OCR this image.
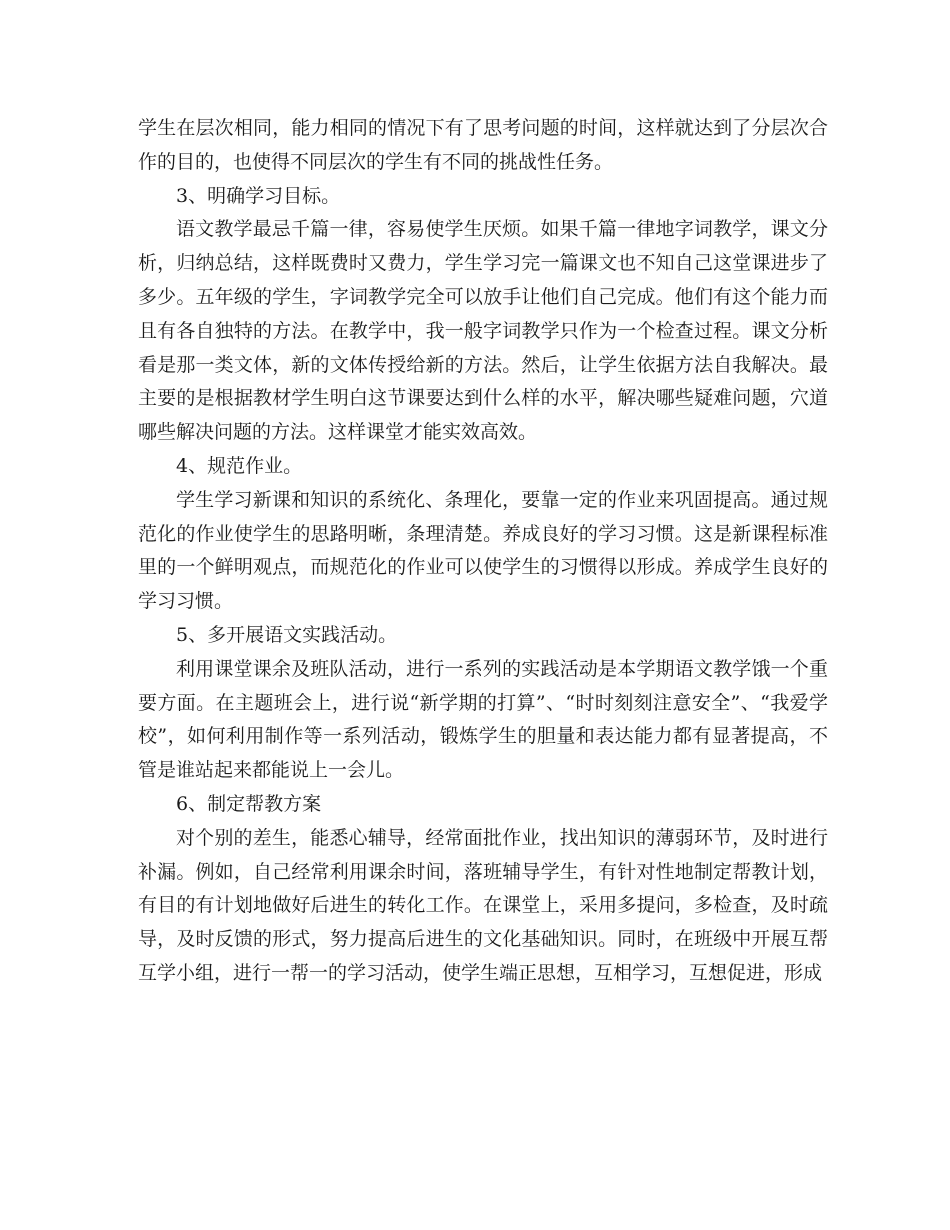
学生在层次相同，能力相同的情况下有了思考问题的时间，这样就达到了分层次合作的目的，也使得不同层次的学生有不同的挑战性任务。

3、明确学习目标。

语文教学最忌千篇一律，容易使学生厌烦。如果千篇一律地字词教学，课文分析，归纳总结，这样既费时又费力，学生学习完一篇课文也不知自己这堂课进步了多少。五年级的学生，字词教学完全可以放手让他们自己完成。他们有这个能力而且有各自独特的方法。在教学中，我一般字词教学只作为一个检查过程。课文分析看是那一类文体，新的文体传授给新的方法。然后，让学生依据方法自我解决。最主要的是根据教材学生明白这节课要达到什么样的水平，解决哪些疑难问题，穴道哪些解决问题的方法。这样课堂才能实效高效。

4、规范作业。

学生学习新课和知识的系统化、条理化，要靠一定的作业来巩固提高。通过规范化的作业使学生的思路明晰，条理清楚。养成良好的学习习惯。这是新课程标准里的一个鲜明观点，而规范化的作业可以使学生的习惯得以形成。养成学生良好的学习习惯。

5、多开展语文实践活动。

利用课堂课余及班队活动，进行一系列的实践活动是本学期语文教学饿一个重要方面。在主题班会上，进行说“新学期的打算”、“时时刻刻注意安全”、“我爱学校”，如何利用制作等一系列活动，锻炼学生的胆量和表达能力都有显著提高，不管是谁站起来都能说上一会儿。

6、制定帮教方案

对个别的差生，能悉心辅导，经常面批作业，找出知识的薄弱环节，及时进行补漏。例如，自己经常利用课余时间，落班辅导学生，有针对性地制定帮教计划，有目的有计划地做好后进生的转化工作。在课堂上，采用多提问，多检查，及时疏导，及时反馈的形式，努力提高后进生的文化基础知识。同时，在班级中开展互帮互学小组，进行一帮一的学习活动，使学生端正思想，互相学习，互想促进，形成
